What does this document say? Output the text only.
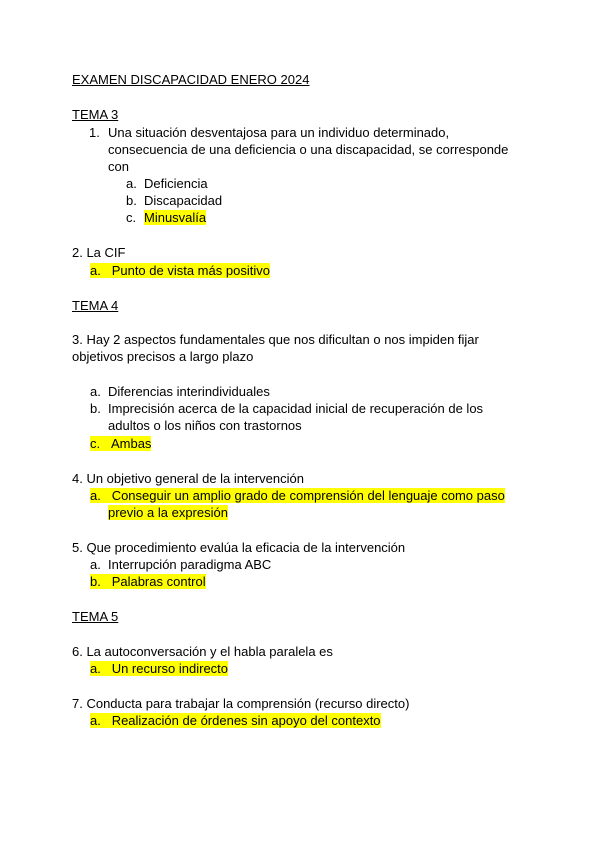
EXAMEN DISCAPACIDAD ENERO 2024
TEMA 3
1. Una situación desventajosa para un individuo determinado,
consecuencia de una deficiencia o una discapacidad, se corresponde
con
a. Deficiencia
b. Discapacidad
c. Minusvalía
2. La CIF
a. Punto de vista más positivo
TEMA 4
3. Hay 2 aspectos fundamentales que nos dificultan o nos impiden fijar
objetivos precisos a largo plazo
a. Diferencias interindividuales
b. Imprecisión acerca de la capacidad inicial de recuperación de los
adultos o los niños con trastornos
c. Ambas
4. Un objetivo general de la intervención
a. Conseguir un amplio grado de comprensión del lenguaje como paso
previo a la expresión
5. Que procedimiento evalúa la eficacia de la intervención
a. Interrupción paradigma ABC
b. Palabras control
TEMA 5
6. La autoconversación y el habla paralela es
a. Un recurso indirecto
7. Conducta para trabajar la comprensión (recurso directo)
a. Realización de órdenes sin apoyo del contexto
